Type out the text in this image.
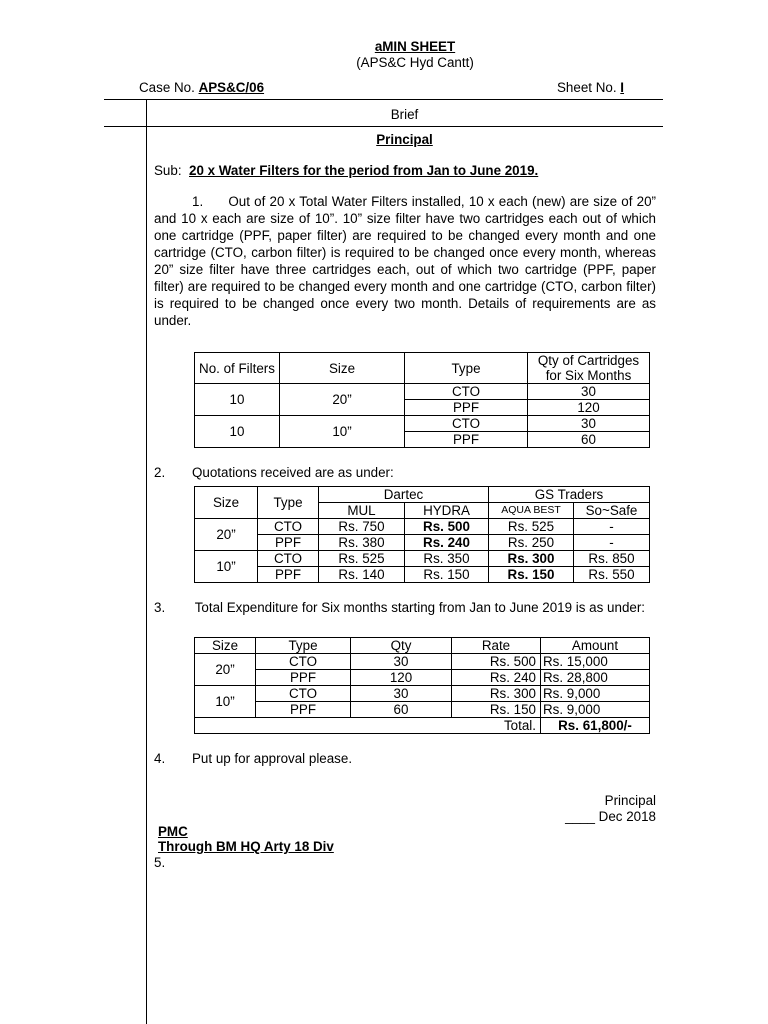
aMIN SHEET
(APS&C Hyd Cantt)
Case No. APS&C/06	Sheet No. I
Brief
Principal
Sub: 20 x Water Filters for the period from Jan to June 2019.
1. Out of 20 x Total Water Filters installed, 10 x each (new) are size of 20” and 10 x each are size of 10”. 10” size filter have two cartridges each out of which one cartridge (PPF, paper filter) are required to be changed every month and one cartridge (CTO, carbon filter) is required to be changed once every month, whereas 20” size filter have three cartridges each, out of which two cartridge (PPF, paper filter) are required to be changed every month and one cartridge (CTO, carbon filter) is required to be changed once every two month. Details of requirements are as under.
No. of Filters	Size	Type	Qty of Cartridges for Six Months
10	20”	CTO	30
		PPF	120
10	10”	CTO	30
		PPF	60
2. Quotations received are as under:
Size	Type	Dartec		GS Traders	
		MUL	HYDRA	AQUA BEST	So~Safe
20”	CTO	Rs. 750	Rs. 500	Rs. 525	-
	PPF	Rs. 380	Rs. 240	Rs. 250	-
10”	CTO	Rs. 525	Rs. 350	Rs. 300	Rs. 850
	PPF	Rs. 140	Rs. 150	Rs. 150	Rs. 550
3. Total Expenditure for Six months starting from Jan to June 2019 is as under:
Size	Type	Qty	Rate	Amount
20”	CTO	30	Rs. 500	Rs. 15,000
	PPF	120	Rs. 240	Rs. 28,800
10”	CTO	30	Rs. 300	Rs. 9,000
	PPF	60	Rs. 150	Rs. 9,000
Total.				Rs. 61,800/-
4. Put up for approval please.
Principal
____ Dec 2018
PMC
Through BM HQ Arty 18 Div
5.
